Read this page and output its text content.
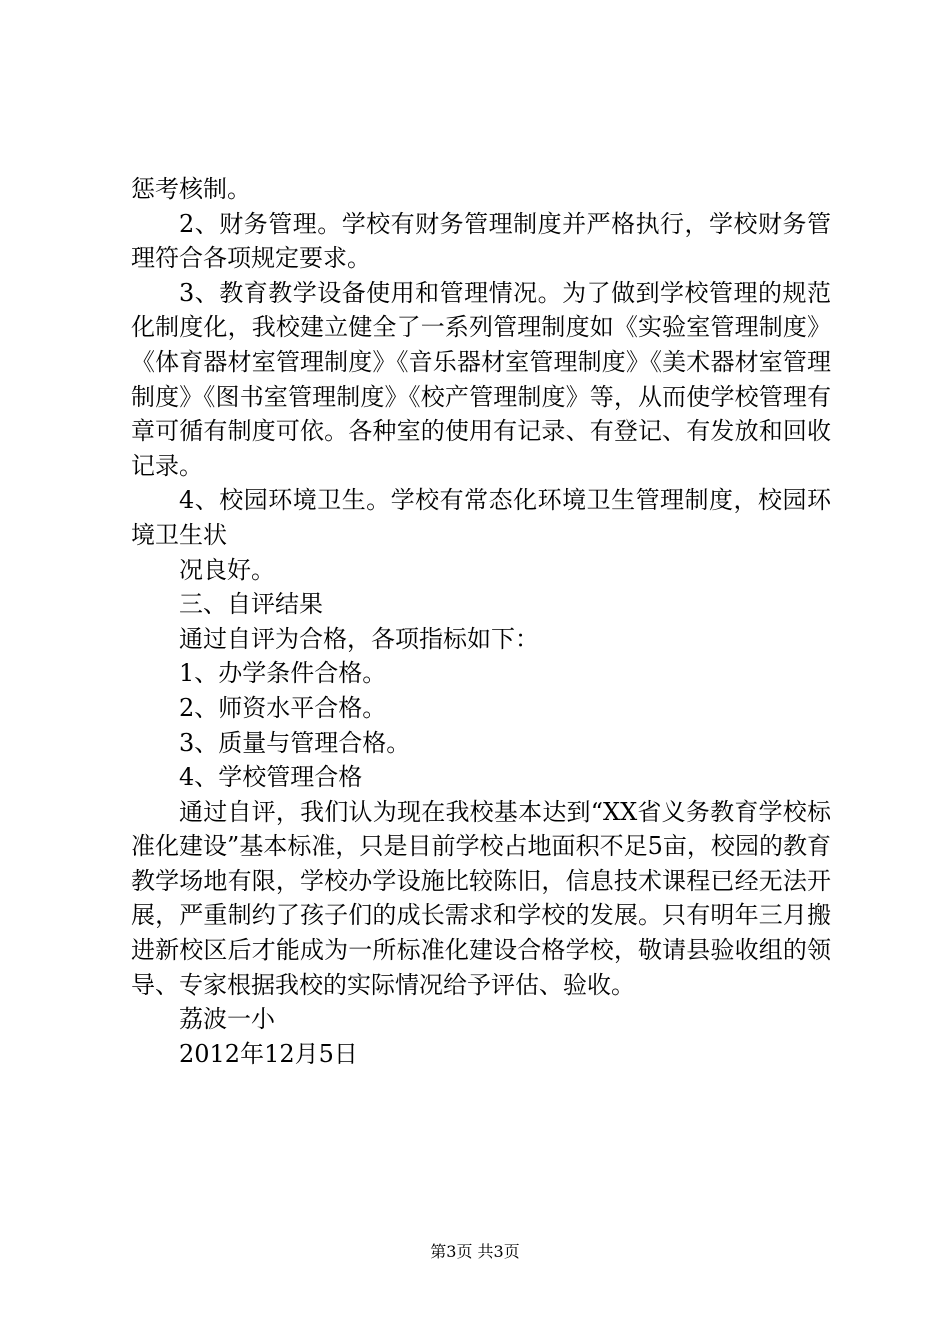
惩考核制。

2、财务管理。学校有财务管理制度并严格执行，学校财务管理符合各项规定要求。

3、教育教学设备使用和管理情况。为了做到学校管理的规范化制度化，我校建立健全了一系列管理制度如《实验室管理制度》《体育器材室管理制度》《音乐器材室管理制度》《美术器材室管理制度》《图书室管理制度》《校产管理制度》等，从而使学校管理有章可循有制度可依。各种室的使用有记录、有登记、有发放和回收记录。

4、校园环境卫生。学校有常态化环境卫生管理制度，校园环境卫生状

况良好。

三、自评结果

通过自评为合格，各项指标如下：

1、办学条件合格。

2、师资水平合格。

3、质量与管理合格。

4、学校管理合格

通过自评，我们认为现在我校基本达到“XX省义务教育学校标准化建设”基本标准，只是目前学校占地面积不足5亩，校园的教育教学场地有限，学校办学设施比较陈旧，信息技术课程已经无法开展，严重制约了孩子们的成长需求和学校的发展。只有明年三月搬进新校区后才能成为一所标准化建设合格学校，敬请县验收组的领导、专家根据我校的实际情况给予评估、验收。

荔波一小

2012年12月5日

第3页 共3页
